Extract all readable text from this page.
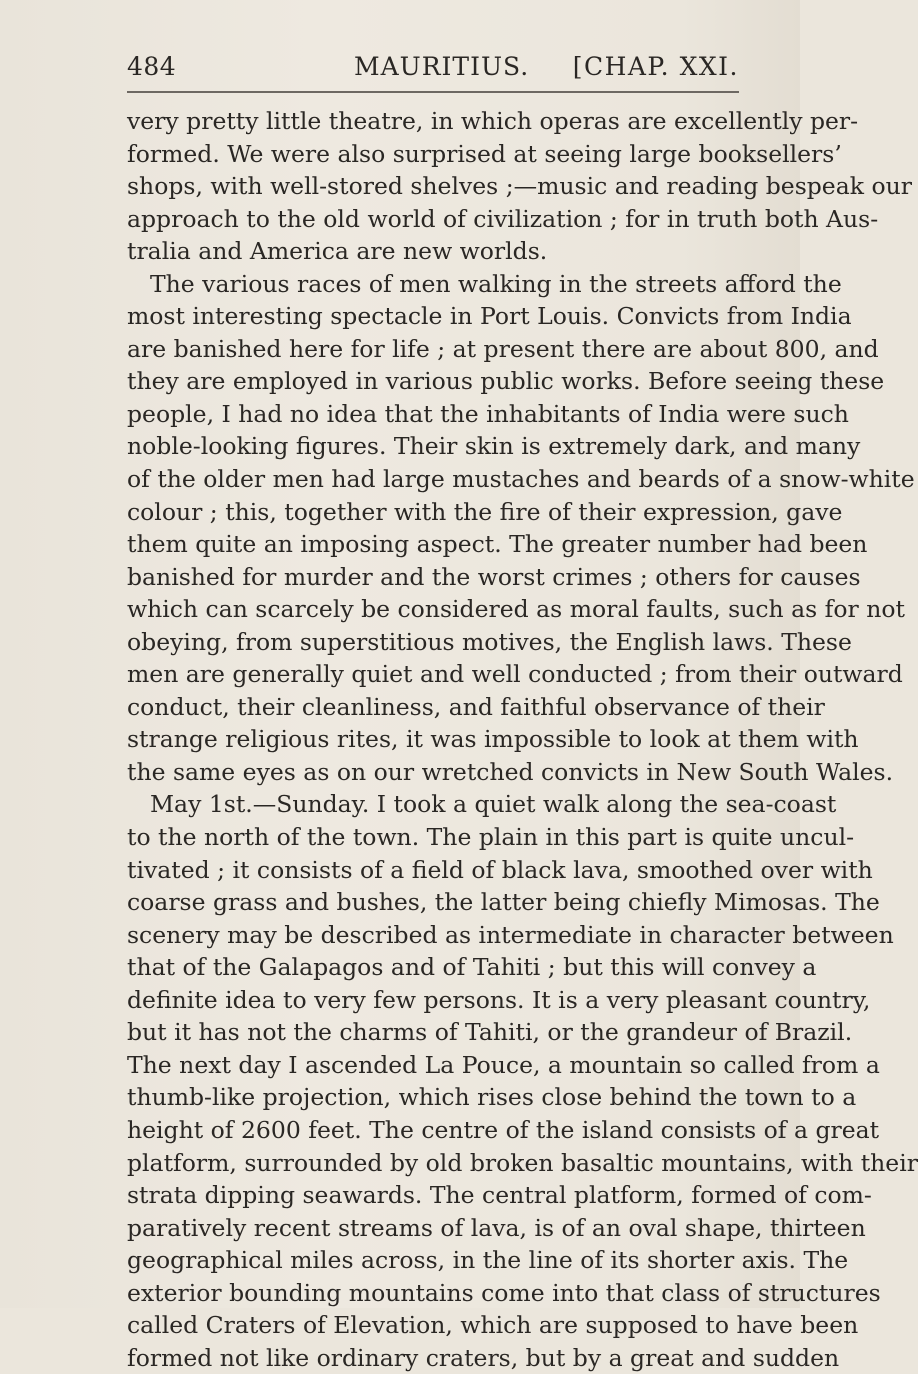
484	MAURITIUS. [CHAP. XXI.
very pretty little theatre, in which operas are excellently per-
formed. We were also surprised at seeing large booksellers’
shops, with well-stored shelves ;—music and reading bespeak our
approach to the old world of civilization ; for in truth both Aus-
tralia and America are new worlds.
The various races of men walking in the streets afford the
most interesting spectacle in Port Louis. Convicts from India
are banished here for life ; at present there are about 800, and
they are employed in various public works. Before seeing these
people, I had no idea that the inhabitants of India were such
noble-looking figures. Their skin is extremely dark, and many
of the older men had large mustaches and beards of a snow-white
colour ; this, together with the fire of their expression, gave
them quite an imposing aspect. The greater number had been
banished for murder and the worst crimes ; others for causes
which can scarcely be considered as moral faults, such as for not
obeying, from superstitious motives, the English laws. These
men are generally quiet and well conducted ; from their outward
conduct, their cleanliness, and faithful observance of their
strange religious rites, it was impossible to look at them with
the same eyes as on our wretched convicts in New South Wales.
May 1st.—Sunday. I took a quiet walk along the sea-coast
to the north of the town. The plain in this part is quite uncul-
tivated ; it consists of a field of black lava, smoothed over with
coarse grass and bushes, the latter being chiefly Mimosas. The
scenery may be described as intermediate in character between
that of the Galapagos and of Tahiti ; but this will convey a
definite idea to very few persons. It is a very pleasant country,
but it has not the charms of Tahiti, or the grandeur of Brazil.
The next day I ascended La Pouce, a mountain so called from a
thumb-like projection, which rises close behind the town to a
height of 2600 feet. The centre of the island consists of a great
platform, surrounded by old broken basaltic mountains, with their
strata dipping seawards. The central platform, formed of com-
paratively recent streams of lava, is of an oval shape, thirteen
geographical miles across, in the line of its shorter axis. The
exterior bounding mountains come into that class of structures
called Craters of Elevation, which are supposed to have been
formed not like ordinary craters, but by a great and sudden
